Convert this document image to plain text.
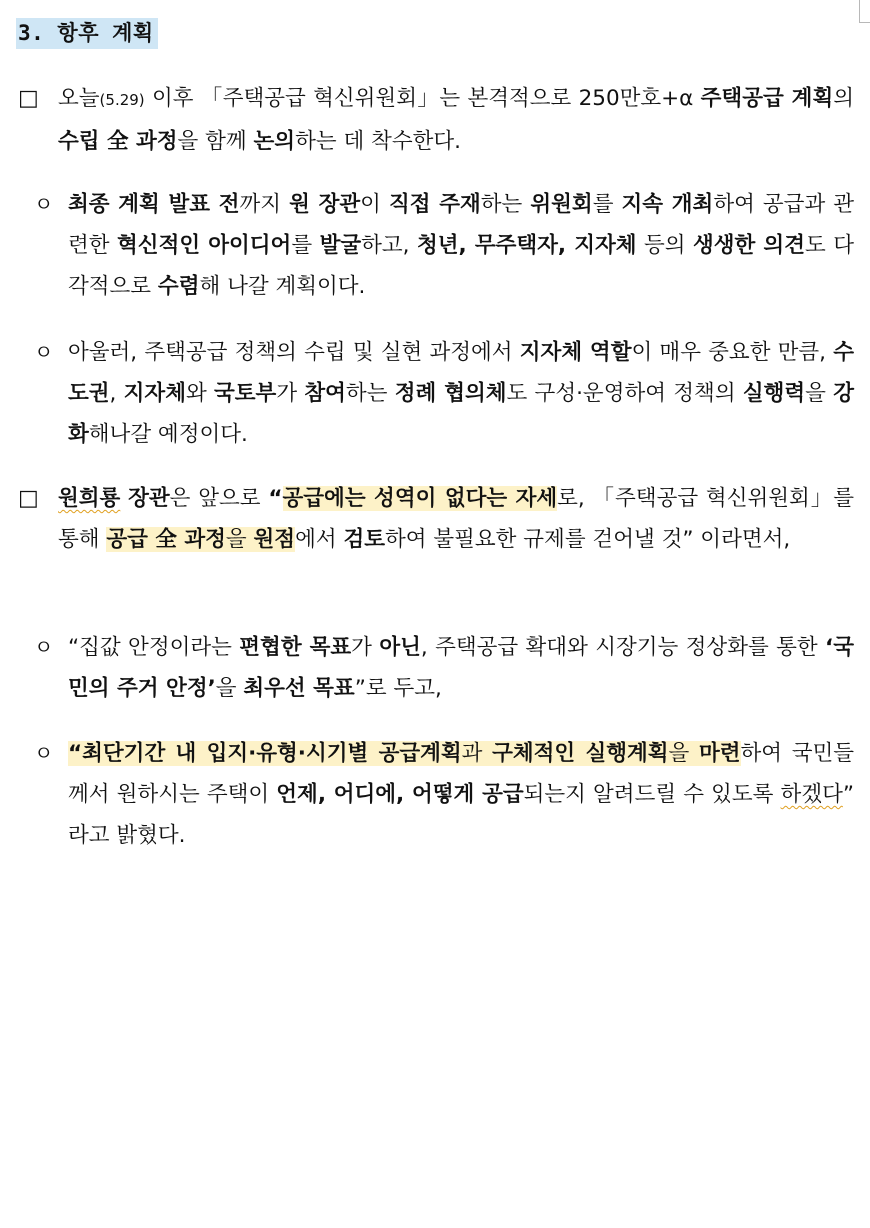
3. 항후 계획
□ 오늘(5.29) 이후 「주택공급 혁신위원회」는 본격적으로 250만호+α 주택공급 계획의 수립 全 과정을 함께 논의하는 데 착수한다.

ㅇ 최종 계획 발표 전까지 원 장관이 직접 주재하는 위원회를 지속 개최하여 공급과 관련한 혁신적인 아이디어를 발굴하고, 청년, 무주택자, 지자체 등의 생생한 의견도 다각적으로 수렴해 나갈 계획이다.

ㅇ 아울러, 주택공급 정책의 수립 및 실현 과정에서 지자체 역할이 매우 중요한 만큼, 수도권, 지자체와 국토부가 참여하는 정례 협의체도 구성·운영하여 정책의 실행력을 강화해나갈 예정이다.

□ 원희룡 장관은 앞으로 “공급에는 성역이 없다는 자세로, 「주택공급 혁신위원회」를 통해 공급 全 과정을 원점에서 검토하여 불필요한 규제를 걷어낼 것” 이라면서,

ㅇ “집값 안정이라는 편협한 목표가 아닌, 주택공급 확대와 시장기능 정상화를 통한 ‘국민의 주거 안정’을 최우선 목표”로 두고,

ㅇ “최단기간 내 입지·유형·시기별 공급계획과 구체적인 실행계획을 마련하여 국민들께서 원하시는 주택이 언제, 어디에, 어떻게 공급되는지 알려드릴 수 있도록 하겠다” 라고 밝혔다.
